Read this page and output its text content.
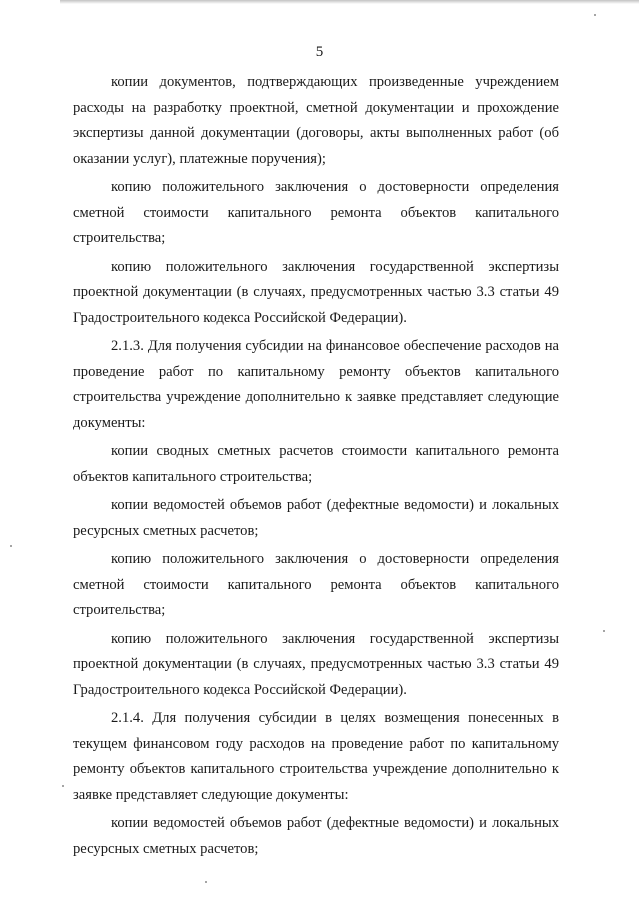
5

копии документов, подтверждающих произведенные учреждением расходы на разработку проектной, сметной документации и прохождение экспертизы данной документации (договоры, акты выполненных работ (об оказании услуг), платежные поручения);

копию положительного заключения о достоверности определения сметной стоимости капитального ремонта объектов капитального строительства;

копию положительного заключения государственной экспертизы проектной документации (в случаях, предусмотренных частью 3.3 статьи 49 Градостроительного кодекса Российской Федерации).

2.1.3. Для получения субсидии на финансовое обеспечение расходов на проведение работ по капитальному ремонту объектов капитального строительства учреждение дополнительно к заявке представляет следующие документы:

копии сводных сметных расчетов стоимости капитального ремонта объектов капитального строительства;

копии ведомостей объемов работ (дефектные ведомости) и локальных ресурсных сметных расчетов;

копию положительного заключения о достоверности определения сметной стоимости капитального ремонта объектов капитального строительства;

копию положительного заключения государственной экспертизы проектной документации (в случаях, предусмотренных частью 3.3 статьи 49 Градостроительного кодекса Российской Федерации).

2.1.4. Для получения субсидии в целях возмещения понесенных в текущем финансовом году расходов на проведение работ по капитальному ремонту объектов капитального строительства учреждение дополнительно к заявке представляет следующие документы:

копии ведомостей объемов работ (дефектные ведомости) и локальных ресурсных сметных расчетов;
